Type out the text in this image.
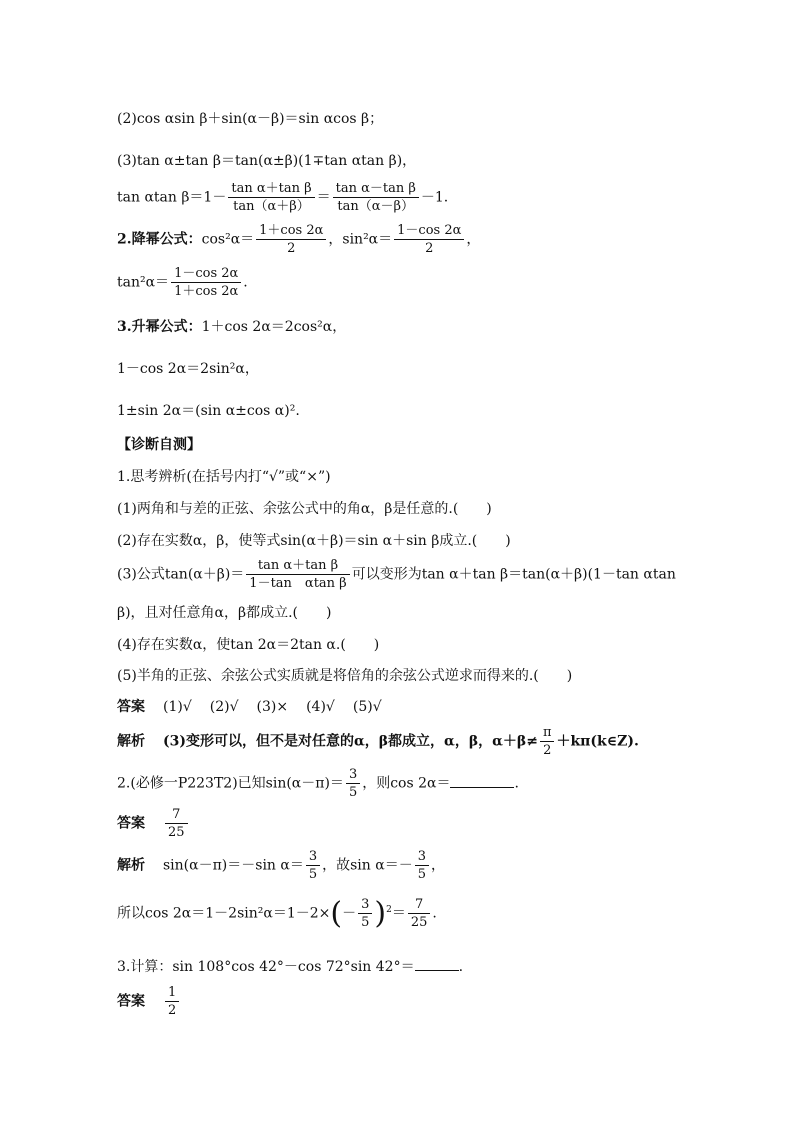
(2)cos αsin β＋sin(α－β)＝sin αcos β；
(3)tan α±tan β＝tan(α±β)(1∓tan αtan β)，
tan αtan $\beta=1- \frac{\text{tan α＋tan β}}{\tan(\alpha+\beta)} = \frac{\text{tan α－tan β}}{\tan(\alpha-\beta)} -1$.
2.降幂公式：$\cos^2\alpha= \frac{1+\cos 2\alpha}{2}$ ，$\sin^2\alpha= \frac{1-\cos 2\alpha}{2}$ ，
$\tan^2\alpha= \frac{1-\cos 2\alpha}{1+\cos 2\alpha}$ .
3.升幂公式：1＋cos 2α＝2cos²α，
1－cos 2α＝2sin²α，
1±sin 2α＝(sin α±cos α)².
【诊断自测】
1.思考辨析(在括号内打“√”或“×”)
(1)两角和与差的正弦、余弦公式中的角α，β是任意的.(　　)
(2)存在实数α，β，使等式sin(α＋β)＝sin α＋sin β成立.(　　)
(3)公式$\tan(\alpha+\beta)= \frac{\text{tan α＋tan β}}{\text{1－tan　αtan β}}$ 可以变形为tan α＋tan β＝tan(α＋β)(1－tan αtan
β)，且对任意角α，β都成立.(　　)
(4)存在实数α，使tan 2α＝2tan α.(　　)
(5)半角的正弦、余弦公式实质就是将倍角的余弦公式逆求而得来的.(　　)
答案 (1)√ (2)√ (3)× (4)√ (5)√
解析 (3)变形可以，但不是对任意的α，β都成立，α，β，$\alpha+\beta\ne \frac{\pi}{2}$ ＋kπ(k∈Z).
2.(必修一P223T2)已知$\sin(\alpha-\pi)= \frac{3}{5}$ ，则cos 2α＝	.
答案 $\frac{7}{25}$
解析 sin(α－π)＝－sin $\alpha= \frac{3}{5}$ ，故$\sin \alpha=- \frac{3}{5}$ ，
所以$\cos 2\alpha=1-2\sin^2\alpha=1-2\times(- \frac{3}{5} )^2= \frac{7}{25}$ .
3.计算：sin 108°cos 42°－cos 72°sin 42°＝	.
答案 $\frac{1}{2}$
